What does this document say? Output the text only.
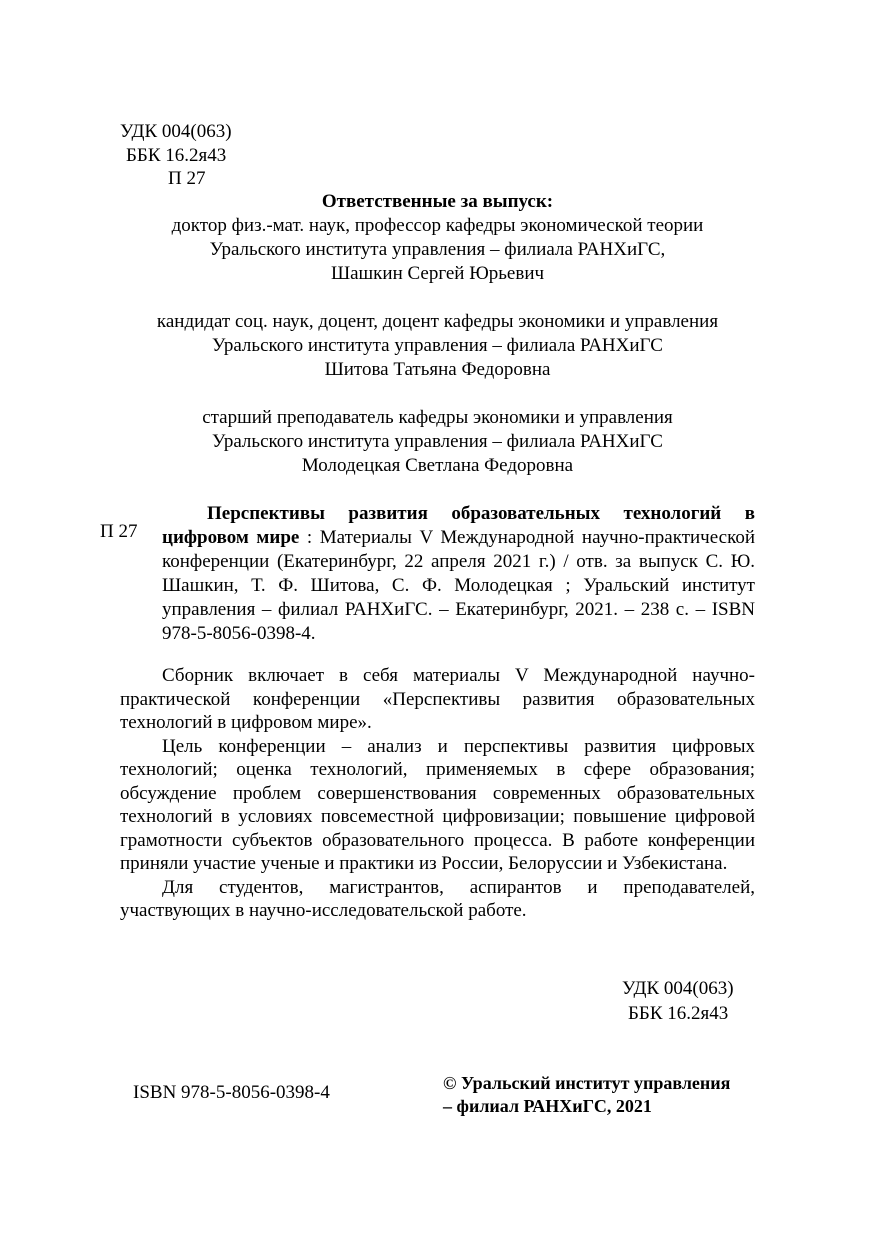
УДК 004(063)
ББК 16.2я43
П 27
Ответственные за выпуск:
доктор физ.-мат. наук, профессор кафедры экономической теории
Уральского института управления – филиала РАНХиГС,
Шашкин Сергей Юрьевич
кандидат соц. наук, доцент, доцент кафедры экономики и управления
Уральского института управления – филиала РАНХиГС
Шитова Татьяна Федоровна
старший преподаватель кафедры экономики и управления
Уральского института управления – филиала РАНХиГС
Молодецкая Светлана Федоровна
П 27
Перспективы развития образовательных технологий в цифровом мире : Материалы V Международной научно-практической конференции (Екатеринбург, 22 апреля 2021 г.) / отв. за выпуск С. Ю. Шашкин, Т. Ф. Шитова, С. Ф. Молодецкая ; Уральский институт управления – филиал РАНХиГС. – Екатеринбург, 2021. – 238 с. – ISBN 978-5-8056-0398-4.

Сборник включает в себя материалы V Международной научно-практической конференции «Перспективы развития образовательных технологий в цифровом мире».

Цель конференции – анализ и перспективы развития цифровых технологий; оценка технологий, применяемых в сфере образования; обсуждение проблем совершенствования современных образовательных технологий в условиях повсеместной цифровизации; повышение цифровой грамотности субъектов образовательного процесса. В работе конференции приняли участие ученые и практики из России, Белоруссии и Узбекистана.

Для студентов, магистрантов, аспирантов и преподавателей, участвующих в научно-исследовательской работе.

УДК 004(063)
ББК 16.2я43
ISBN 978-5-8056-0398-4	© Уральский институт управления
– филиал РАНХиГС, 2021
